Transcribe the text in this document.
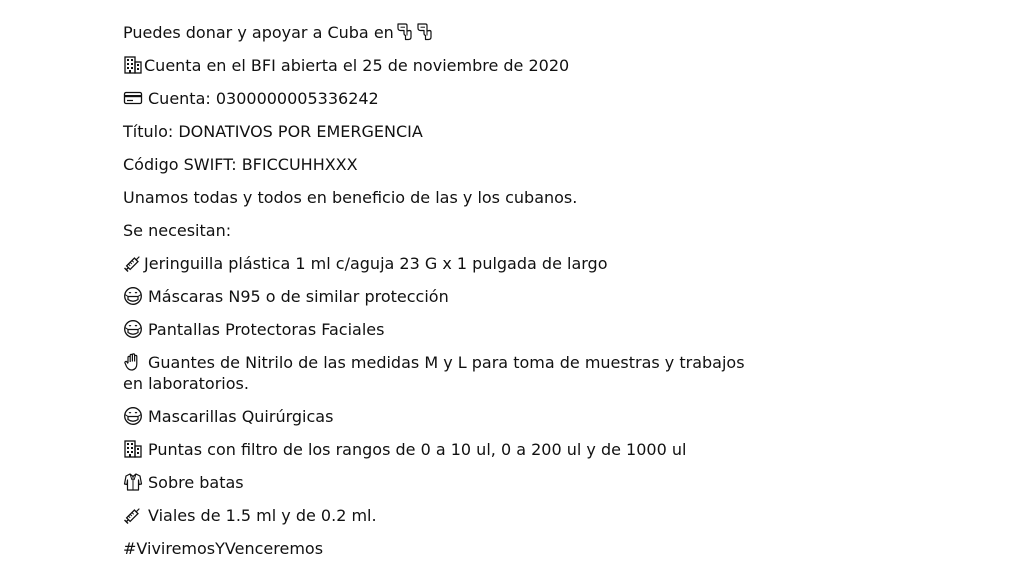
Puedes donar y apoyar a Cuba en

Cuenta en el BFI abierta el 25 de noviembre de 2020

Cuenta: 0300000005336242

Título: DONATIVOS POR EMERGENCIA

Código SWIFT: BFICCUHHXXX

Unamos todas y todos en beneficio de las y los cubanos.

Se necesitan:

Jeringuilla plástica 1 ml c/aguja 23 G x 1 pulgada de largo

Máscaras N95 o de similar protección

Pantallas Protectoras Faciales

Guantes de Nitrilo de las medidas M y L para toma de muestras y trabajos en laboratorios.

Mascarillas Quirúrgicas

Puntas con filtro de los rangos de 0 a 10 ul, 0 a 200 ul y de 1000 ul

Sobre batas

Viales de 1.5 ml y de 0.2 ml.

#ViviremosYVenceremos
